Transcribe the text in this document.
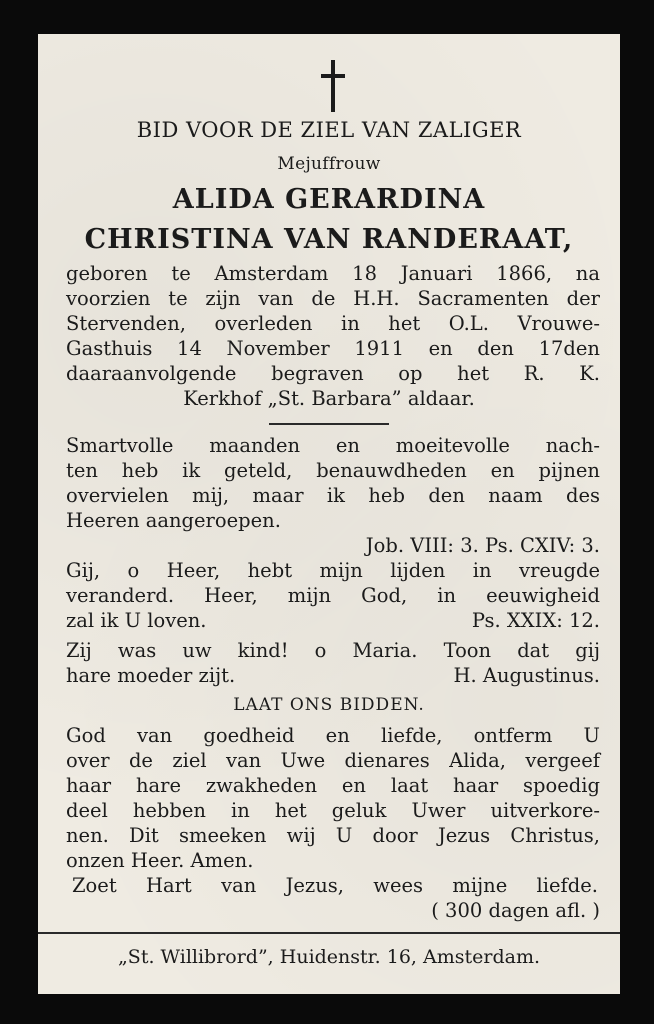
BID VOOR DE ZIEL VAN ZALIGER
Mejuffrouw
ALIDA GERARDINA
CHRISTINA VAN RANDERAAT,
geboren te Amsterdam 18 Januari 1866, na
voorzien te zijn van de H.H. Sacramenten der
Stervenden, overleden in het O.L. Vrouwe-
Gasthuis 14 November 1911 en den 17den
daaraanvolgende begraven op het R. K.
Kerkhof „St. Barbara” aldaar.
Smartvolle maanden en moeitevolle nach-
ten heb ik geteld, benauwdheden en pijnen
overvielen mij, maar ik heb den naam des
Heeren aangeroepen.
Job. VIII: 3. Ps. CXIV: 3.
Gij, o Heer, hebt mijn lijden in vreugde
veranderd. Heer, mijn God, in eeuwigheid
zal ik U loven.	Ps. XXIX: 12.
Zij was uw kind! o Maria. Toon dat gij
hare moeder zijt.	H. Augustinus.
LAAT ONS BIDDEN.
God van goedheid en liefde, ontferm U
over de ziel van Uwe dienares Alida, vergeef
haar hare zwakheden en laat haar spoedig
deel hebben in het geluk Uwer uitverkore-
nen. Dit smeeken wij U door Jezus Christus,
onzen Heer. Amen.
Zoet Hart van Jezus, wees mijne liefde.
( 300 dagen afl. )
„St. Willibrord”, Huidenstr. 16, Amsterdam.
